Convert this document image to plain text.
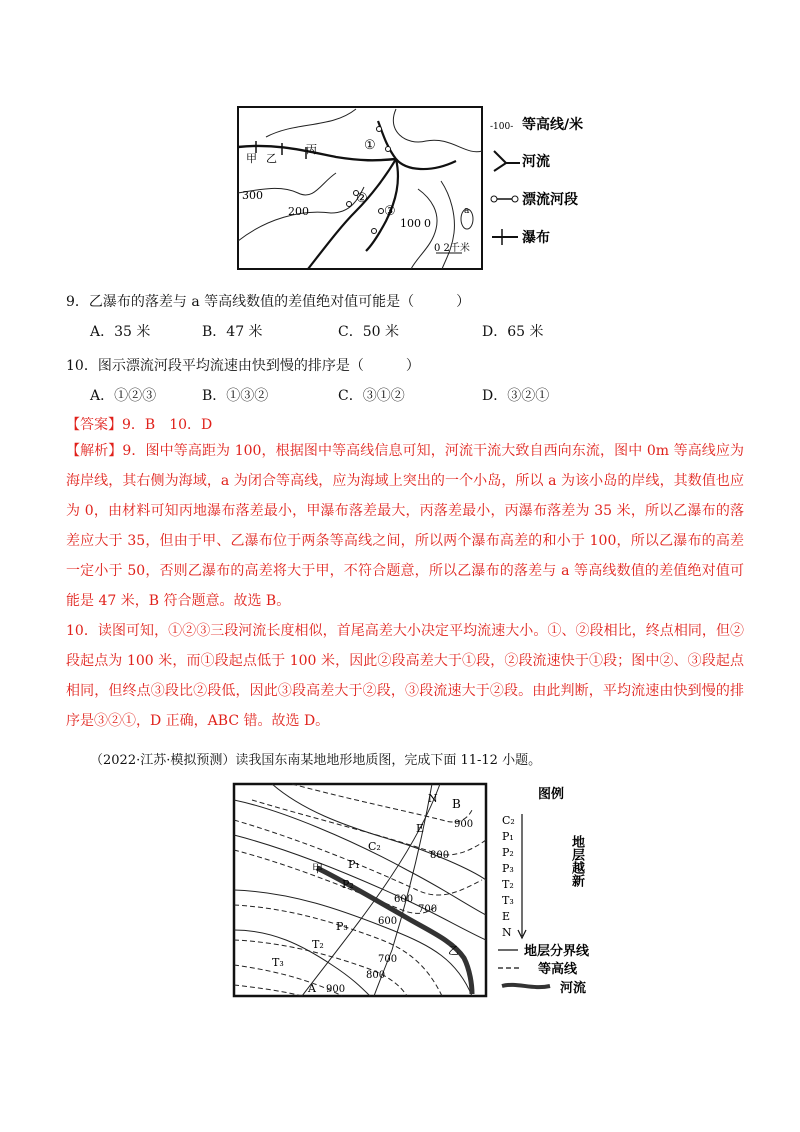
甲 乙
丙	①
②
③
300
200
100 0
a
0 2千米
-100- 等高线/米
河流
漂流河段
瀑布
9．乙瀑布的落差与 a 等高线数值的差值绝对值可能是（　　　）
A．35 米	B．47 米	C．50 米	D．65 米
10．图示漂流河段平均流速由快到慢的排序是（　　　）
A．①②③	B．①③②	C．③①②	D．③②①
【答案】9．B　10．D
【解析】9．图中等高距为 100，根据图中等高线信息可知，河流干流大致自西向东流，图中 0m 等高线应为海岸线，其右侧为海域，a 为闭合等高线，应为海域上突出的一个小岛，所以 a 为该小岛的岸线，其数值也应为 0，由材料可知丙地瀑布落差最小，甲瀑布落差最大，丙落差最小，丙瀑布落差为 35 米，所以乙瀑布的落差应大于 35，但由于甲、乙瀑布位于两条等高线之间，所以两个瀑布高差的和小于 100，所以乙瀑布的高差一定小于 50，否则乙瀑布的高差将大于甲，不符合题意，所以乙瀑布的落差与 a 等高线数值的差值绝对值可能是 47 米，B 符合题意。故选 B。
10．读图可知，①②③三段河流长度相似，首尾高差大小决定平均流速大小。①、②段相比，终点相同，但②段起点为 100 米，而①段起点低于 100 米，因此②段高差大于①段，②段流速快于①段；图中②、③段起点相同，但终点③段比②段低，因此③段高差大于②段，③段流速大于②段。由此判断，平均流速由快到慢的排序是③②①，D 正确，ABC 错。故选 D。
（2022·江苏·模拟预测）读我国东南某地地形地质图，完成下面 11-12 小题。
N B
E	900
800
C₂
P₁
甲
P₂
700
600
P₃	600
T₂
700
乙
T₃
800
A 900
图例
C₂
P₁
P₂
P₃
T₂
T₃
E
N
地层越新
地层分界线
等高线
河流
